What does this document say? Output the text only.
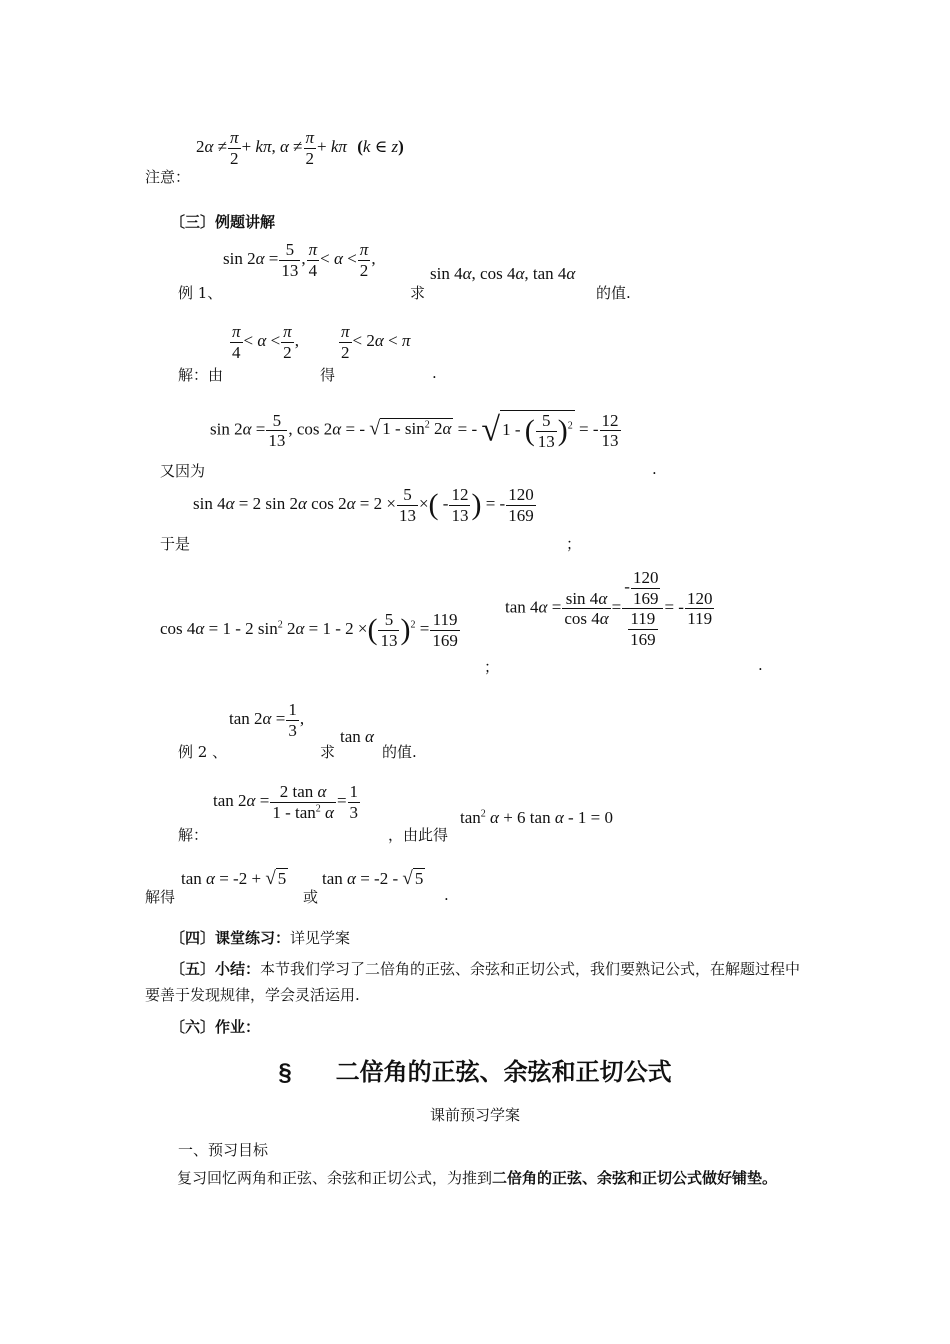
注意：
$2\alpha \ne \frac{\pi}{2} + k\pi$, $\alpha \ne \frac{\pi}{2} + k\pi$ (k ∈ z)
〔三〕例题讲解
例 1、
$\sin 2\alpha = \frac{5}{13}$ , $\frac{\pi}{4} < \alpha < \frac{\pi}{2}$ ,
求
sin 4α, cos 4α, tan 4α
的值.
解：由
$\frac{\pi}{4} < \alpha < \frac{\pi}{2}$ ,
得
$\frac{\pi}{2} < 2\alpha < \pi$
.
又因为
$\sin 2\alpha = \frac{5}{13}$ , cos 2α = - √ $1 - \sin^2 2\alpha$ = - √ 1 - ( $\frac{5}{13} )^2$ = - $\frac{12}{13}$
.
于是
sin 4α = 2 sin 2α $\cos 2\alpha = 2 \times \frac{5}{13}$ ×( - $\frac{12}{13}$ ) = - $\frac{120}{169}$
；
cos 4α = 1 - 2 $\sin^2 2\alpha = 1 - 2$ ×( $\frac{5}{13} )^2 = \frac{119}{169}$
；
$\tan 4\alpha = \frac{\sin 4\alpha}{\cos 4\alpha} = \frac{- \frac{120}{169}}{\frac{119}{169}}$ = - $\frac{120}{119}$
.
例 2 、
$\tan 2\alpha = \frac{1}{3}$ ,
求
tan α
的值.
解：
$\tan 2\alpha = \frac{\text{2 tan α}}{1 - \tan^2 \alpha} = \frac{1}{3}$
，由此得
$\tan^2 \alpha + 6$ tan α - 1 = 0
解得
tan α = -2 + √ 5
或
tan α = -2 - √ 5
.
〔四〕课堂练习：详见学案
〔五〕小结：本节我们学习了二倍角的正弦、余弦和正切公式，我们要熟记公式，在解题过程中要善于发现规律，学会灵活运用.
〔六〕作业：
§ 二倍角的正弦、余弦和正切公式
课前预习学案
一、预习目标
复习回忆两角和正弦、余弦和正切公式，为推到二倍角的正弦、余弦和正切公式做好铺垫。
